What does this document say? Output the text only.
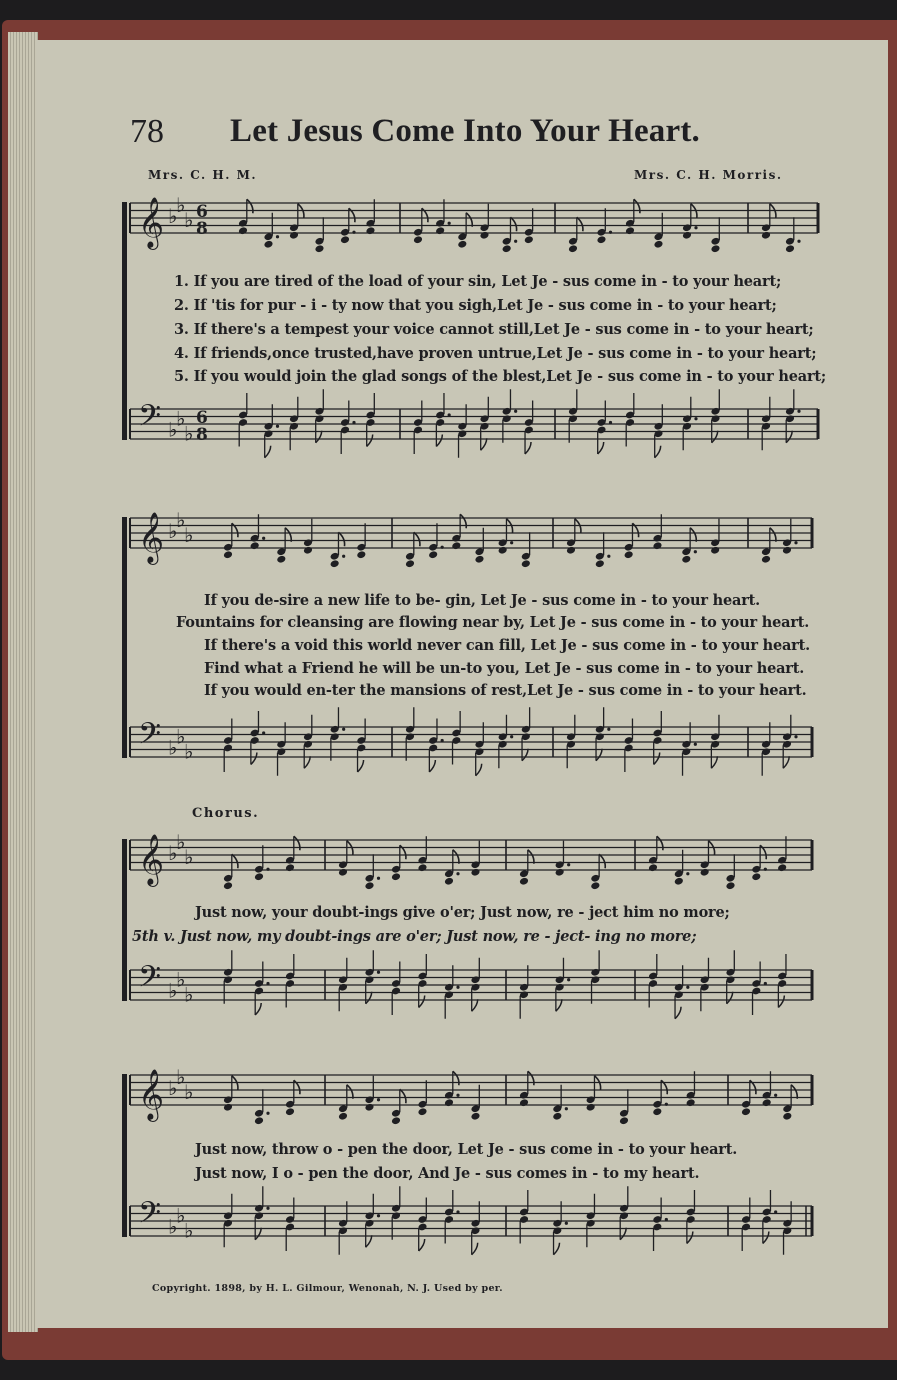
78 Let Jesus Come Into Your Heart.
Mrs. C. H. M.	Mrs. C. H. Morris.
𝄞 ♭
♭
♭ 6
8
𝄢 ♭
♭
♭
6
8
𝄞 ♭
♭
♭
𝄢 ♭
♭
♭
𝄞 ♭
♭
♭
𝄢 ♭
♭
♭
𝄞 ♭
♭
♭
𝄢 ♭
♭
♭
1. If you are tired of the load of your sin, Let Je - sus come in - to your heart;
2. If 'tis for pur - i - ty now that you sigh,Let Je - sus come in - to your heart;
3. If there's a tempest your voice cannot still,Let Je - sus come in - to your heart;
4. If friends,once trusted,have proven untrue,Let Je - sus come in - to your heart;
5. If you would join the glad songs of the blest,Let Je - sus come in - to your heart;
If you de-sire a new life to be- gin, Let Je - sus come in - to your heart.
Fountains for cleansing are flowing near by, Let Je - sus come in - to your heart.
If there's a void this world never can fill, Let Je - sus come in - to your heart.
Find what a Friend he will be un-to you, Let Je - sus come in - to your heart.
If you would en-ter the mansions of rest,Let Je - sus come in - to your heart.
Chorus.
Just now, your doubt-ings give o'er; Just now, re - ject him no more;
5th v. Just now, my doubt-ings are o'er; Just now, re - ject- ing no more;
Just now, throw o - pen the door, Let Je - sus come in - to your heart.
Just now, I o - pen the door, And Je - sus comes in - to my heart.
Copyright. 1898, by H. L. Gilmour, Wenonah, N. J. Used by per.
